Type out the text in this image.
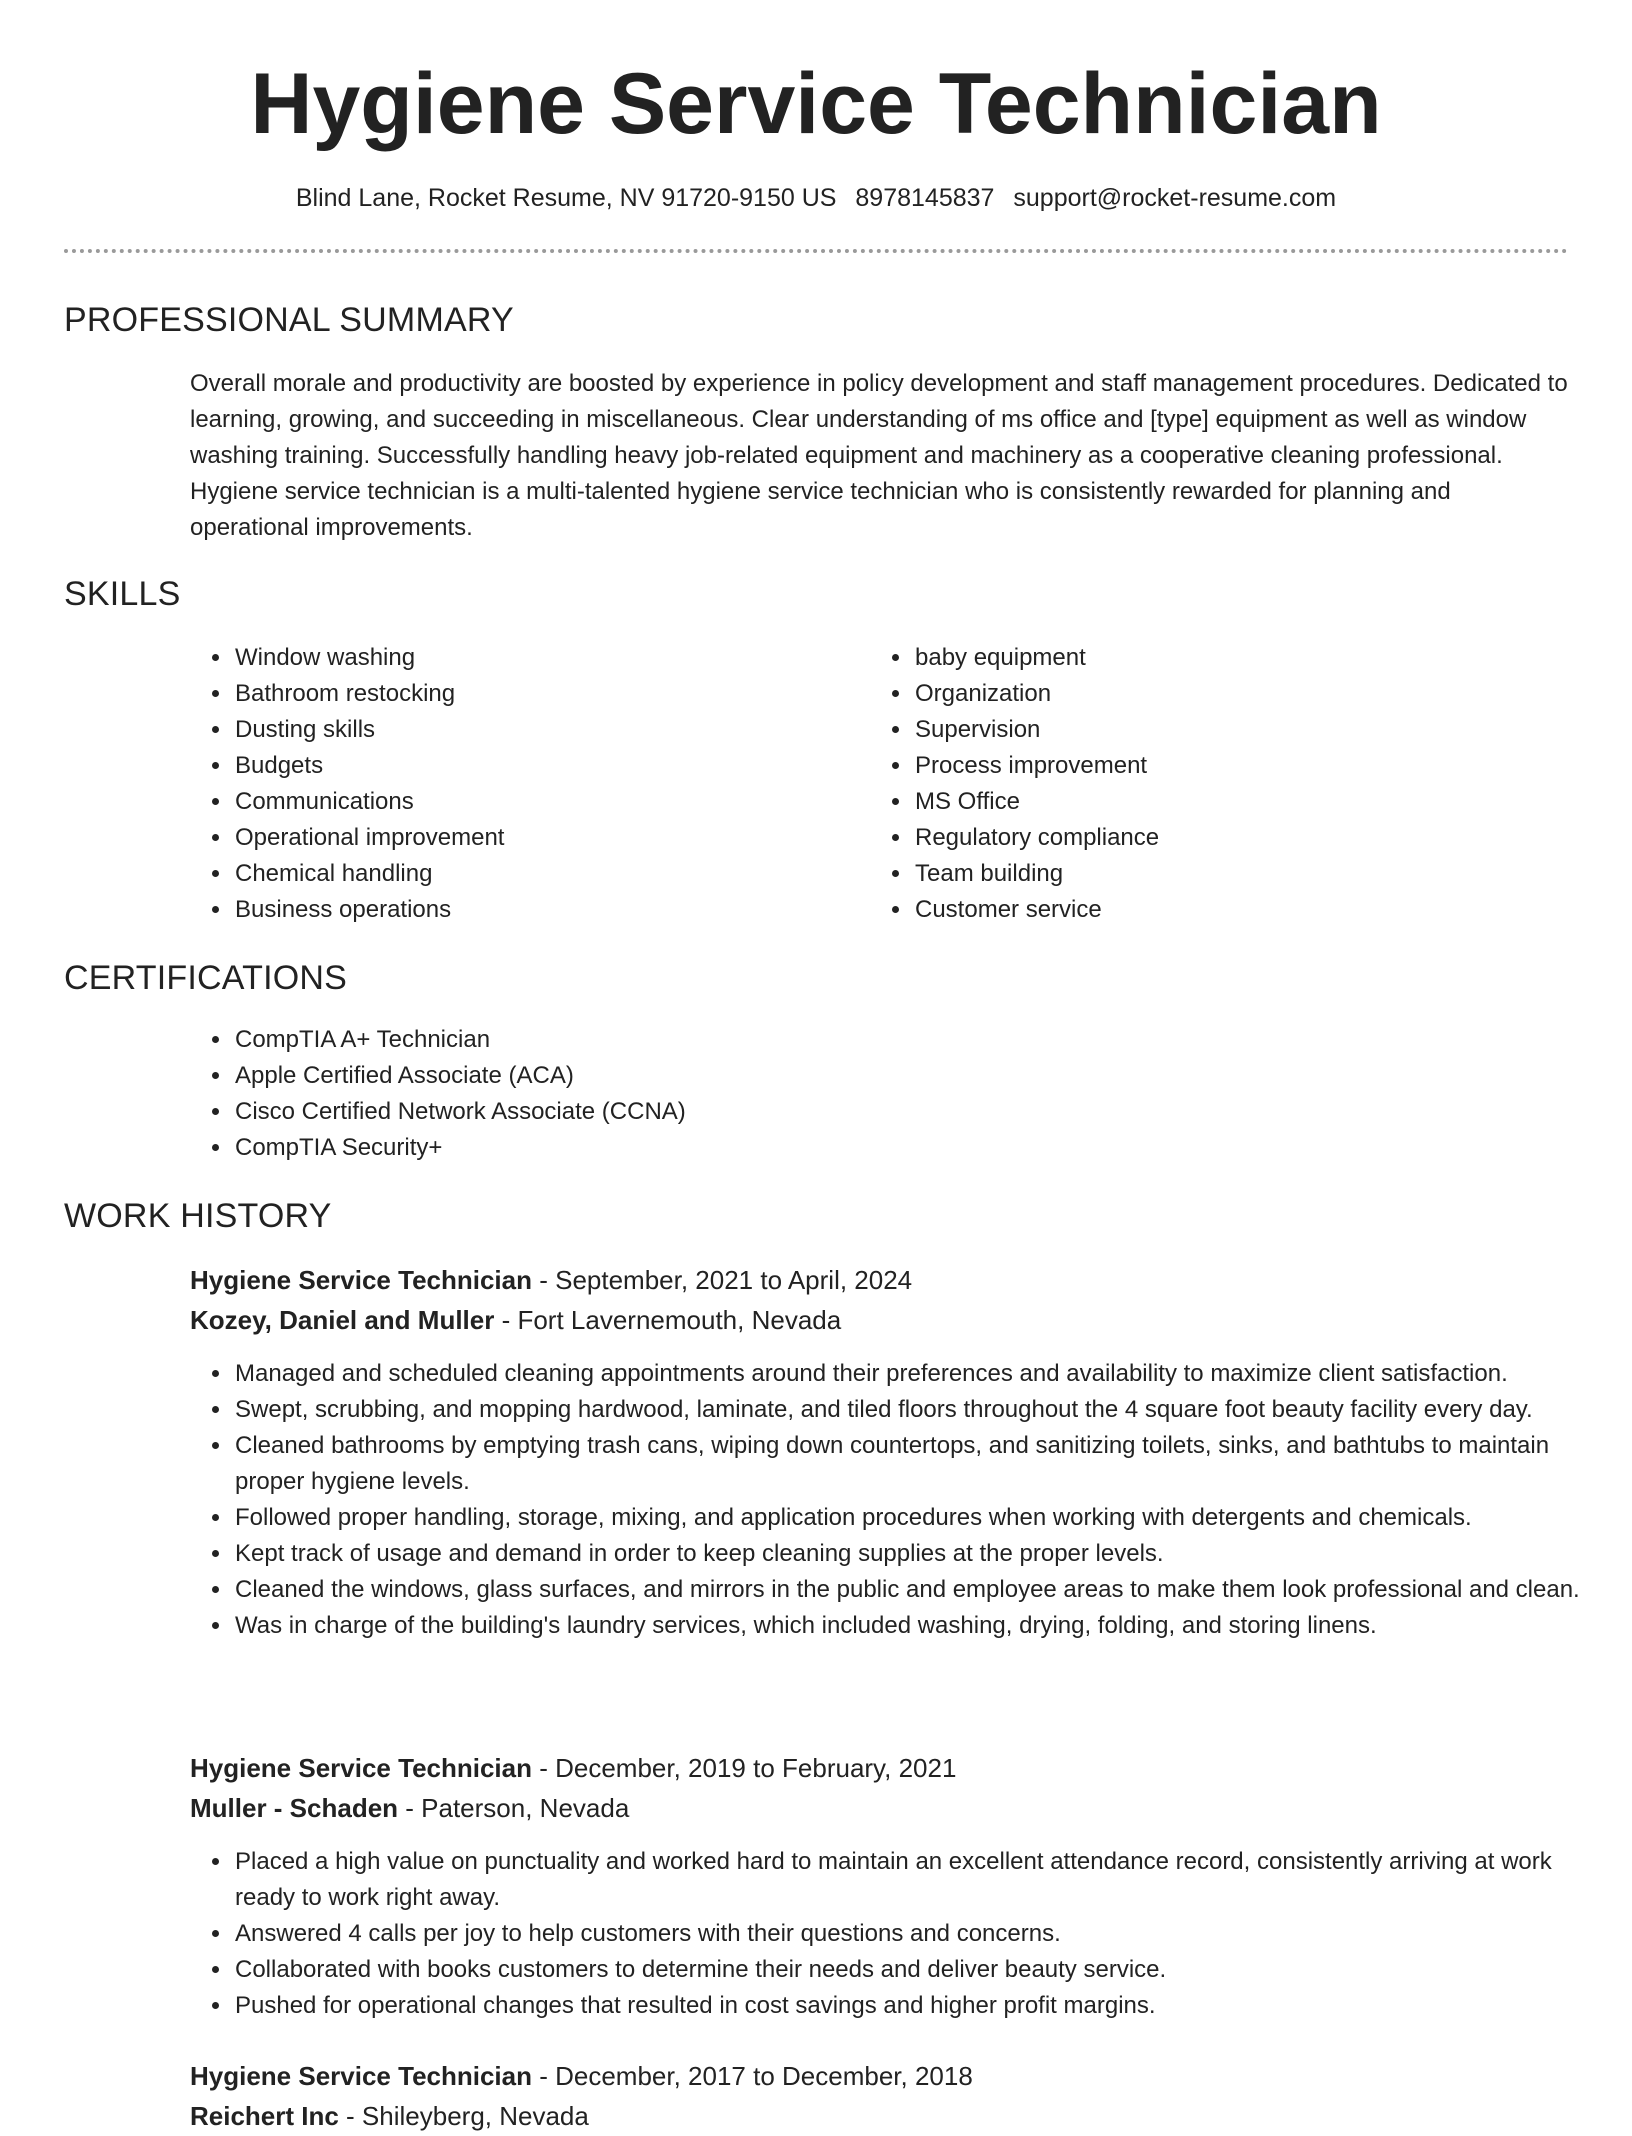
Hygiene Service Technician
Blind Lane, Rocket Resume, NV 91720-9150 US 8978145837 support@rocket-resume.com
PROFESSIONAL SUMMARY

Overall morale and productivity are boosted by experience in policy development and staff management procedures. Dedicated to learning, growing, and succeeding in miscellaneous. Clear understanding of ms office and [type] equipment as well as window washing training. Successfully handling heavy job-related equipment and machinery as a cooperative cleaning professional. Hygiene service technician is a multi-talented hygiene service technician who is consistently rewarded for planning and operational improvements.

SKILLS
• Window washing
• Bathroom restocking
• Dusting skills
• Budgets
• Communications
• Operational improvement
• Chemical handling
• Business operations
• baby equipment
• Organization
• Supervision
• Process improvement
• MS Office
• Regulatory compliance
• Team building
• Customer service
CERTIFICATIONS
• CompTIA A+ Technician
• Apple Certified Associate (ACA)
• Cisco Certified Network Associate (CCNA)
• CompTIA Security+
WORK HISTORY
Hygiene Service Technician - September, 2021 to April, 2024
Kozey, Daniel and Muller - Fort Lavernemouth, Nevada
• Managed and scheduled cleaning appointments around their preferences and availability to maximize client satisfaction.
• Swept, scrubbing, and mopping hardwood, laminate, and tiled floors throughout the 4 square foot beauty facility every day.
• Cleaned bathrooms by emptying trash cans, wiping down countertops, and sanitizing toilets, sinks, and bathtubs to maintain proper hygiene levels.
• Followed proper handling, storage, mixing, and application procedures when working with detergents and chemicals.
• Kept track of usage and demand in order to keep cleaning supplies at the proper levels.
• Cleaned the windows, glass surfaces, and mirrors in the public and employee areas to make them look professional and clean.
• Was in charge of the building's laundry services, which included washing, drying, folding, and storing linens.
Hygiene Service Technician - December, 2019 to February, 2021
Muller - Schaden - Paterson, Nevada
• Placed a high value on punctuality and worked hard to maintain an excellent attendance record, consistently arriving at work ready to work right away.
• Answered 4 calls per joy to help customers with their questions and concerns.
• Collaborated with books customers to determine their needs and deliver beauty service.
• Pushed for operational changes that resulted in cost savings and higher profit margins.
Hygiene Service Technician - December, 2017 to December, 2018
Reichert Inc - Shileyberg, Nevada
